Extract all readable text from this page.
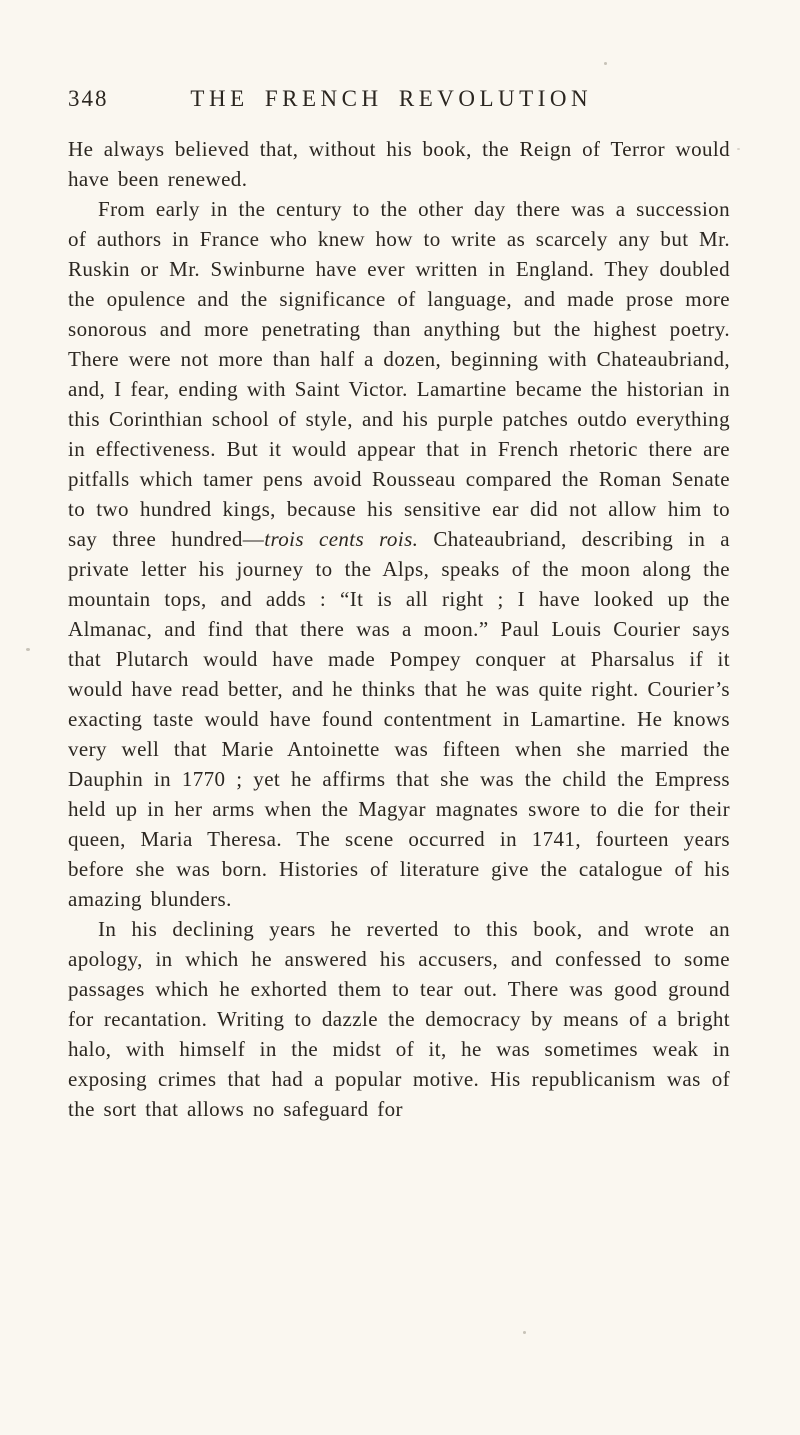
348	THE FRENCH REVOLUTION

He always believed that, without his book, the Reign of Terror would have been renewed.

From early in the century to the other day there was a succession of authors in France who knew how to write as scarcely any but Mr. Ruskin or Mr. Swinburne have ever written in England. They doubled the opulence and the significance of language, and made prose more sonorous and more penetrating than anything but the highest poetry. There were not more than half a dozen, beginning with Chateaubriand, and, I fear, ending with Saint Victor. Lamartine became the historian in this Corinthian school of style, and his purple patches outdo everything in effectiveness. But it would appear that in French rhetoric there are pitfalls which tamer pens avoid Rousseau compared the Roman Senate to two hundred kings, because his sensitive ear did not allow him to say three hundred—trois cents rois. Chateaubriand, describing in a private letter his journey to the Alps, speaks of the moon along the mountain tops, and adds : “It is all right ; I have looked up the Almanac, and find that there was a moon.” Paul Louis Courier says that Plutarch would have made Pompey conquer at Pharsalus if it would have read better, and he thinks that he was quite right. Courier’s exacting taste would have found contentment in Lamartine. He knows very well that Marie Antoinette was fifteen when she married the Dauphin in 1770 ; yet he affirms that she was the child the Empress held up in her arms when the Magyar magnates swore to die for their queen, Maria Theresa. The scene occurred in 1741, fourteen years before she was born. Histories of literature give the catalogue of his amazing blunders.

In his declining years he reverted to this book, and wrote an apology, in which he answered his accusers, and confessed to some passages which he exhorted them to tear out. There was good ground for recantation. Writing to dazzle the democracy by means of a bright halo, with himself in the midst of it, he was sometimes weak in exposing crimes that had a popular motive. His republicanism was of the sort that allows no safeguard for
